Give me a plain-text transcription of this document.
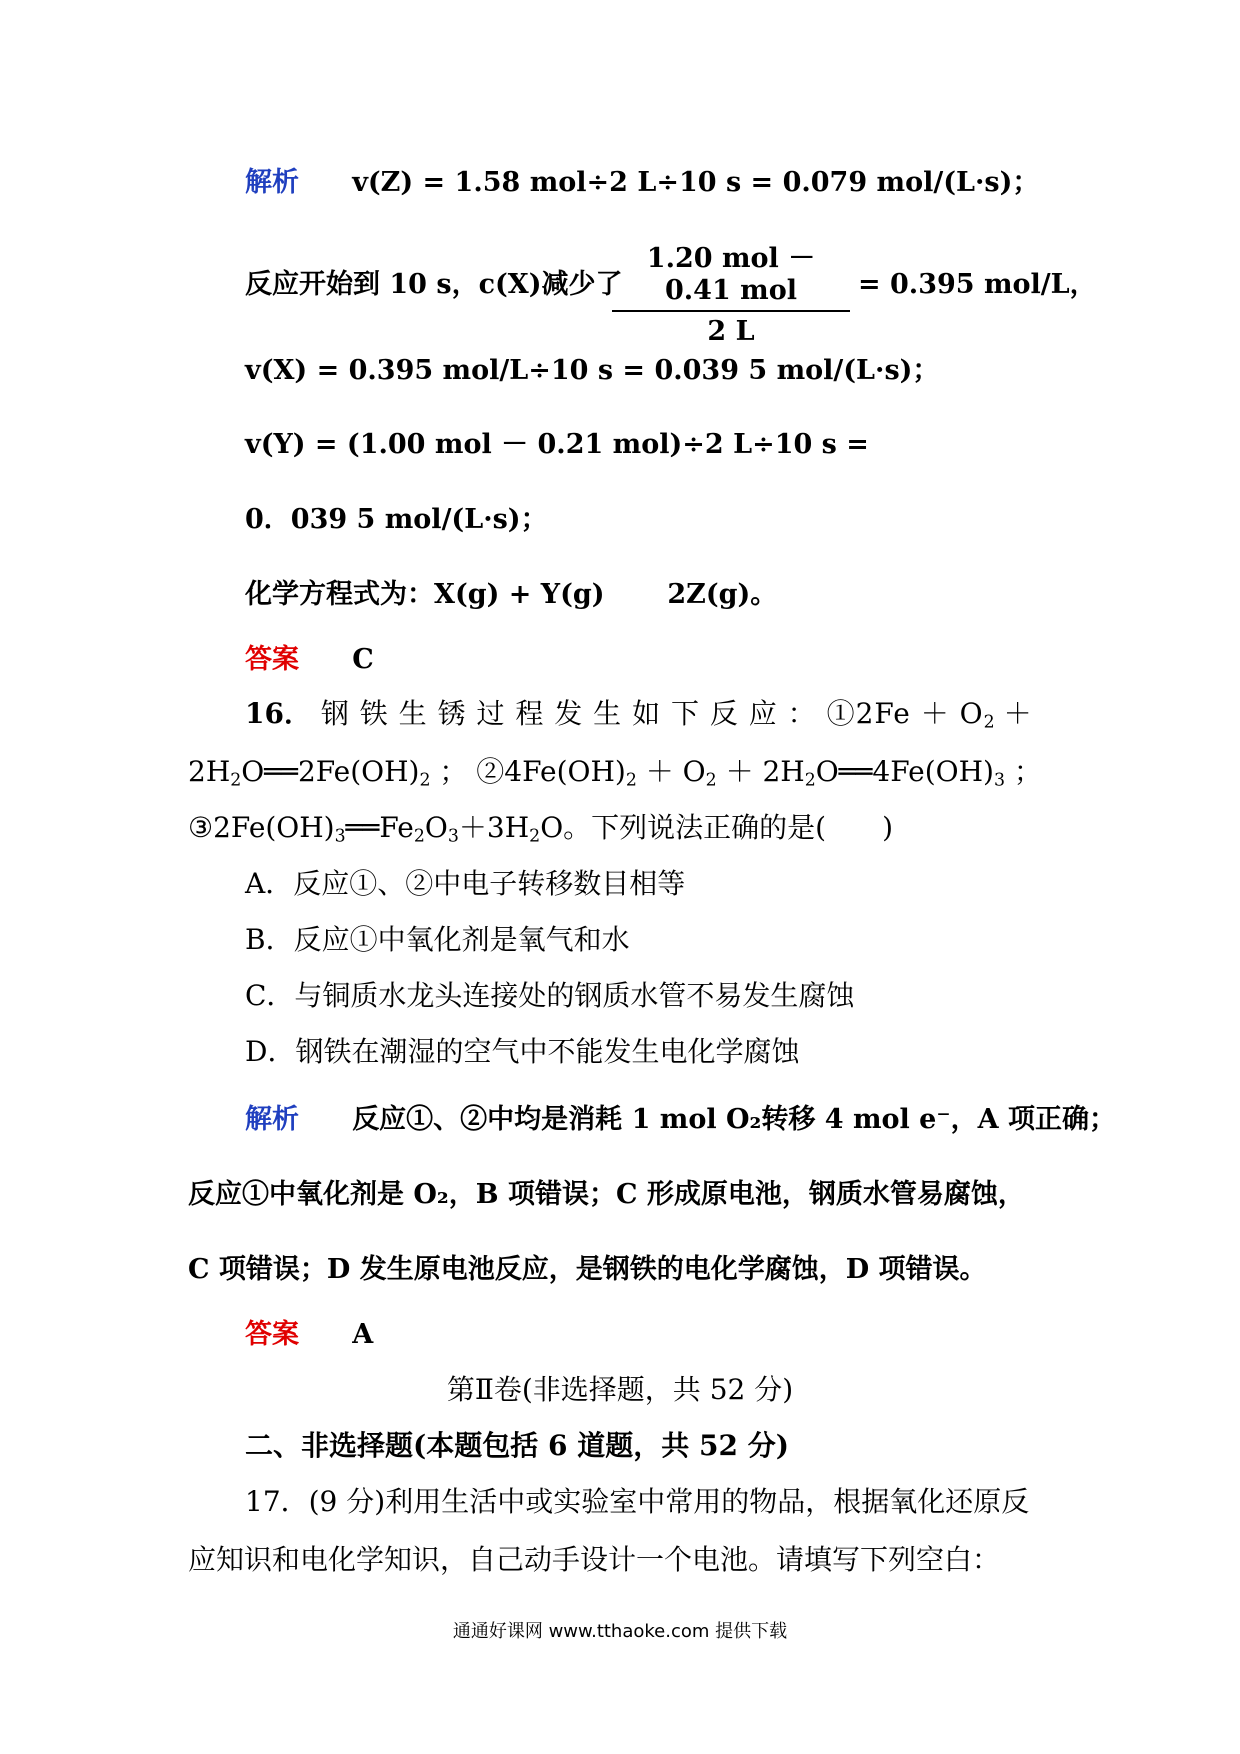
解析 v(Z) = 1.58 mol÷2 L÷10 s = 0.079 mol/(L·s)；
反应开始到 10 s，c(X)减少了
1.20 mol － 0.41 mol
2 L
= 0.395 mol/L，
v(X) = 0.395 mol/L÷10 s = 0.039 5 mol/(L·s)；
v(Y) = (1.00 mol － 0.21 mol)÷2 L÷10 s =
0．039 5 mol/(L·s)；
化学方程式为：X(g) + Y(g) 2Z(g)。
答案 C
16． 钢 铁 生 锈 过 程 发 生 如 下 反 应 ： ①2Fe ＋ $O_2$ ＋
$2H_2O══2Fe(OH)_2$ ； $②4Fe(OH)_2 + O_2$ ＋ $2H_2O══4Fe(OH)_3$ ；
$③2Fe(OH)_3══Fe_2O_3+3H_2O$。下列说法正确的是(　　)
A．反应①、②中电子转移数目相等
B．反应①中氧化剂是氧气和水
C．与铜质水龙头连接处的钢质水管不易发生腐蚀
D．钢铁在潮湿的空气中不能发生电化学腐蚀
解析 反应①、②中均是消耗 1 mol O₂转移 4 mol e⁻，A 项正确；
反应①中氧化剂是 O₂，B 项错误；C 形成原电池，钢质水管易腐蚀，
C 项错误；D 发生原电池反应，是钢铁的电化学腐蚀，D 项错误。
答案 A
第Ⅱ卷(非选择题，共 52 分)
二、非选择题(本题包括 6 道题，共 52 分)
17．(9 分)利用生活中或实验室中常用的物品，根据氧化还原反
应知识和电化学知识，自己动手设计一个电池。请填写下列空白：
通通好课网 www.tthaoke.com 提供下载
